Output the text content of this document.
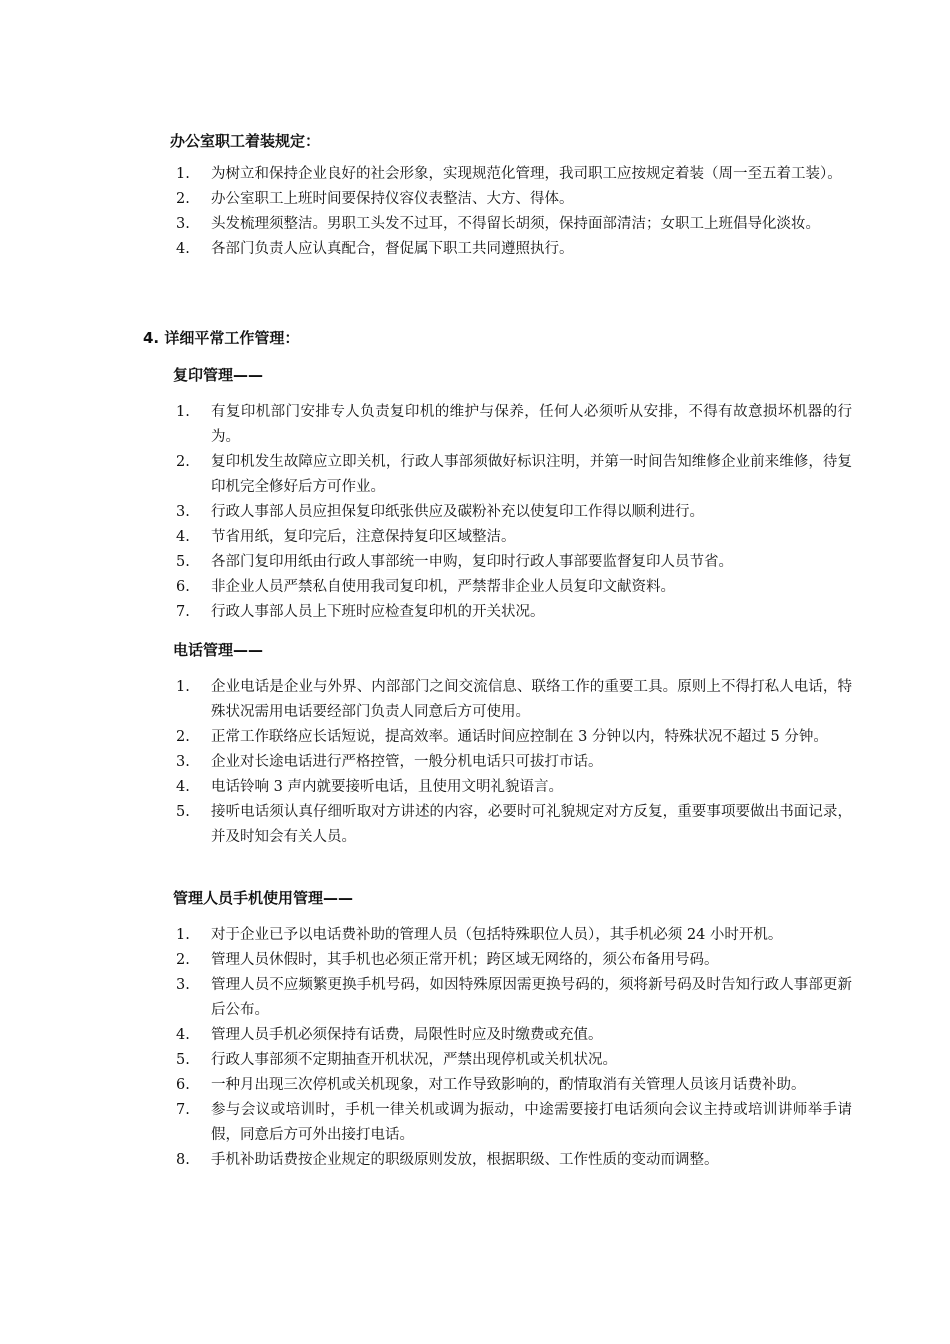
办公室职工着装规定：
1. 为树立和保持企业良好的社会形象，实现规范化管理，我司职工应按规定着装（周一至五着工装）。
2. 办公室职工上班时间要保持仪容仪表整洁、大方、得体。
3. 头发梳理须整洁。男职工头发不过耳，不得留长胡须，保持面部清洁；女职工上班倡导化淡妆。
4. 各部门负责人应认真配合，督促属下职工共同遵照执行。
4. 详细平常工作管理：
复印管理——
1. 有复印机部门安排专人负责复印机的维护与保养，任何人必须听从安排，不得有故意损坏机器的行为。
2. 复印机发生故障应立即关机，行政人事部须做好标识注明，并第一时间告知维修企业前来维修，待复印机完全修好后方可作业。
3. 行政人事部人员应担保复印纸张供应及碳粉补充以使复印工作得以顺利进行。
4. 节省用纸，复印完后，注意保持复印区域整洁。
5. 各部门复印用纸由行政人事部统一申购，复印时行政人事部要监督复印人员节省。
6. 非企业人员严禁私自使用我司复印机，严禁帮非企业人员复印文献资料。
7. 行政人事部人员上下班时应检查复印机的开关状况。
电话管理——
1. 企业电话是企业与外界、内部部门之间交流信息、联络工作的重要工具。原则上不得打私人电话，特殊状况需用电话要经部门负责人同意后方可使用。
2. 正常工作联络应长话短说，提高效率。通话时间应控制在 3 分钟以内，特殊状况不超过 5 分钟。
3. 企业对长途电话进行严格控管，一般分机电话只可拔打市话。
4. 电话铃响 3 声内就要接听电话，且使用文明礼貌语言。
5. 接听电话须认真仔细听取对方讲述的内容，必要时可礼貌规定对方反复，重要事项要做出书面记录，并及时知会有关人员。
管理人员手机使用管理——
1. 对于企业已予以电话费补助的管理人员（包括特殊职位人员），其手机必须 24 小时开机。
2. 管理人员休假时，其手机也必须正常开机；跨区域无网络的，须公布备用号码。
3. 管理人员不应频繁更换手机号码，如因特殊原因需更换号码的，须将新号码及时告知行政人事部更新后公布。
4. 管理人员手机必须保持有话费，局限性时应及时缴费或充值。
5. 行政人事部须不定期抽查开机状况，严禁出现停机或关机状况。
6. 一种月出现三次停机或关机现象，对工作导致影响的，酌情取消有关管理人员该月话费补助。
7. 参与会议或培训时，手机一律关机或调为振动，中途需要接打电话须向会议主持或培训讲师举手请假，同意后方可外出接打电话。
8. 手机补助话费按企业规定的职级原则发放，根据职级、工作性质的变动而调整。
